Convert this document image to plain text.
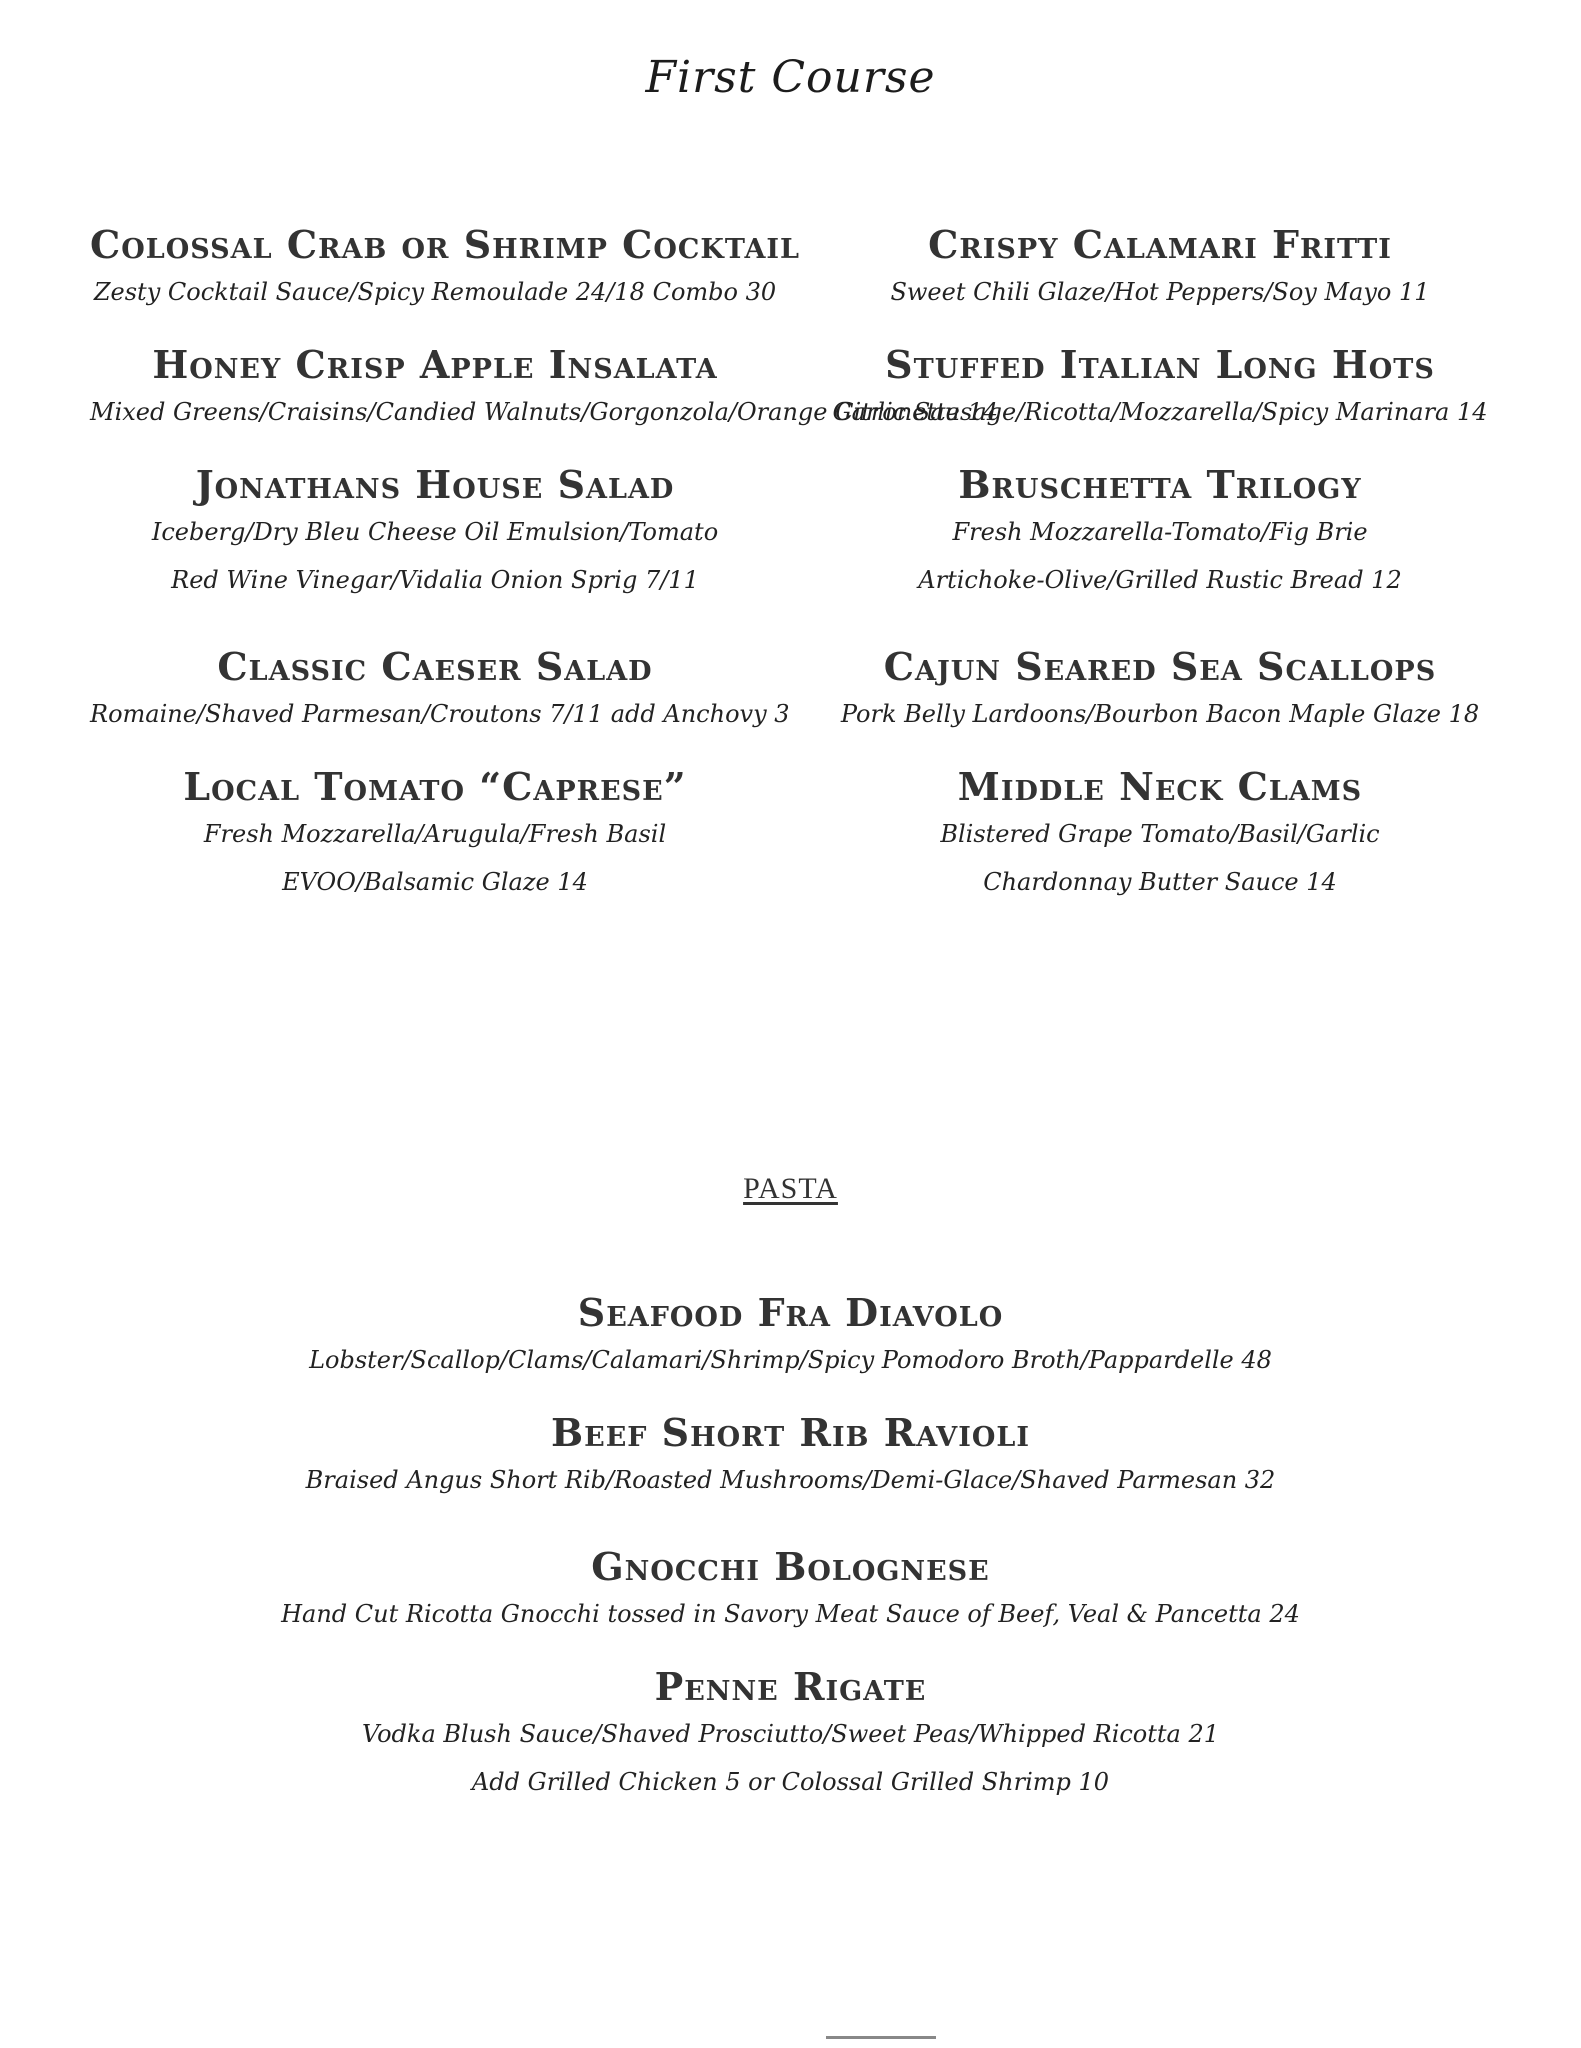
First Course
Colossal Crab or Shrimp Cocktail
Zesty Cocktail Sauce/Spicy Remoulade 24/18 Combo 30
Honey Crisp Apple Insalata
Mixed Greens/Craisins/Candied Walnuts/Gorgonzola/Orange Citronette 14
Jonathans House Salad
Iceberg/Dry Bleu Cheese Oil Emulsion/Tomato
Red Wine Vinegar/Vidalia Onion Sprig 7/11
Classic Caeser Salad
Romaine/Shaved Parmesan/Croutons 7/11 add Anchovy 3
Local Tomato “Caprese”
Fresh Mozzarella/Arugula/Fresh Basil
EVOO/Balsamic Glaze 14
Crispy Calamari Fritti
Sweet Chili Glaze/Hot Peppers/Soy Mayo 11
Stuffed Italian Long Hots
Garlic Sausage/Ricotta/Mozzarella/Spicy Marinara 14
Bruschetta Trilogy
Fresh Mozzarella-Tomato/Fig Brie
Artichoke-Olive/Grilled Rustic Bread 12
Cajun Seared Sea Scallops
Pork Belly Lardoons/Bourbon Bacon Maple Glaze 18
Middle Neck Clams
Blistered Grape Tomato/Basil/Garlic
Chardonnay Butter Sauce 14
PASTA
Seafood Fra Diavolo
Lobster/Scallop/Clams/Calamari/Shrimp/Spicy Pomodoro Broth/Pappardelle 48
Beef Short Rib Ravioli
Braised Angus Short Rib/Roasted Mushrooms/Demi-Glace/Shaved Parmesan 32
Gnocchi Bolognese
Hand Cut Ricotta Gnocchi tossed in Savory Meat Sauce of Beef, Veal & Pancetta 24
Penne Rigate
Vodka Blush Sauce/Shaved Prosciutto/Sweet Peas/Whipped Ricotta 21
Add Grilled Chicken 5 or Colossal Grilled Shrimp 10
